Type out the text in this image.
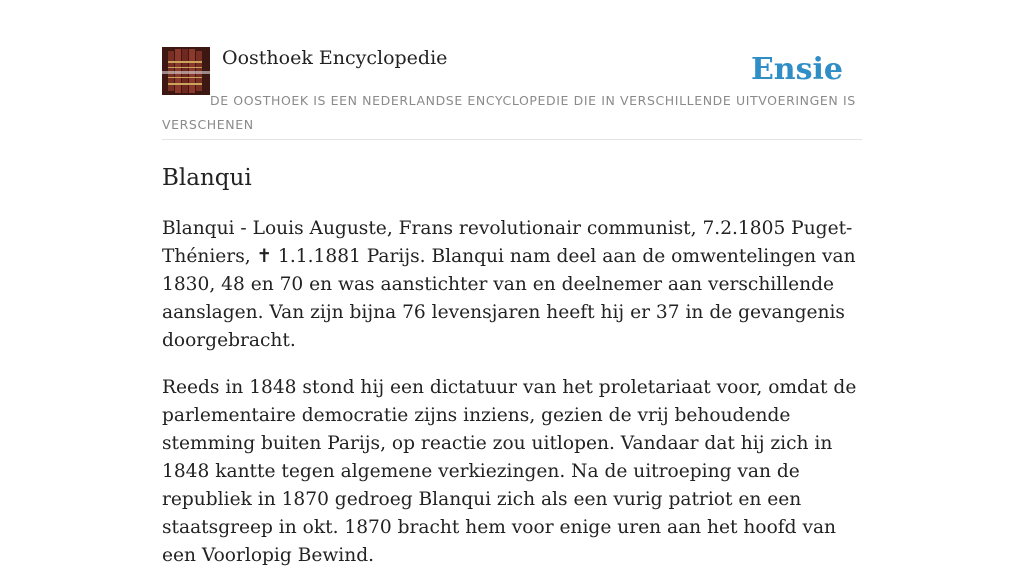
Oosthoek Encyclopedie	Ensie
DE OOSTHOEK IS EEN NEDERLANDSE ENCYCLOPEDIE DIE IN VERSCHILLENDE UITVOERINGEN IS VERSCHENEN
Blanqui

Blanqui - Louis Auguste, Frans revolutionair communist, 7.2.1805 Puget-Théniers, ✝ 1.1.1881 Parijs. Blanqui nam deel aan de omwentelingen van 1830, 48 en 70 en was aanstichter van en deelnemer aan verschillende aanslagen. Van zijn bijna 76 levensjaren heeft hij er 37 in de gevangenis doorgebracht.

Reeds in 1848 stond hij een dictatuur van het proletariaat voor, omdat de parlementaire democratie zijns inziens, gezien de vrij behoudende stemming buiten Parijs, op reactie zou uitlopen. Vandaar dat hij zich in 1848 kantte tegen algemene verkiezingen. Na de uitroeping van de republiek in 1870 gedroeg Blanqui zich als een vurig patriot en een staatsgreep in okt. 1870 bracht hem voor enige uren aan het hoofd van een Voorlopig Bewind.
